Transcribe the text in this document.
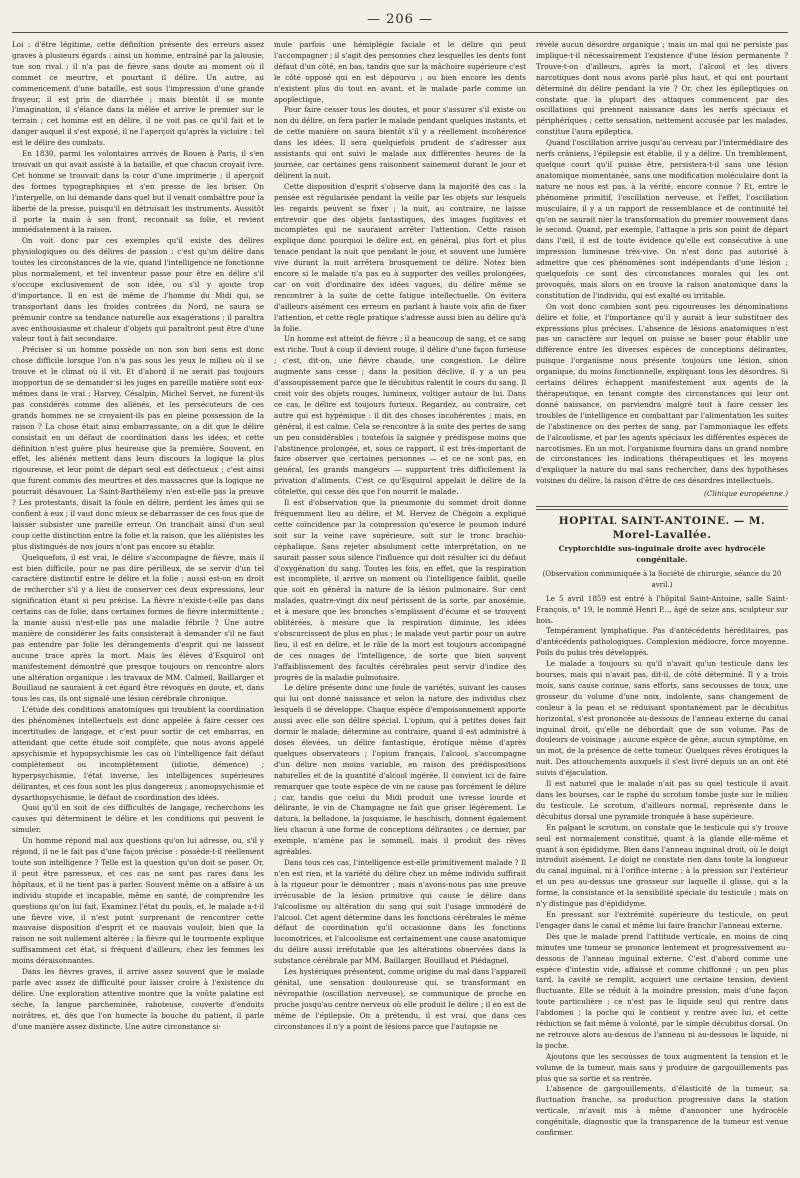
— 206 —

Loi : d'être légitime, cette définition présente des erreurs assez graves à plusieurs égards : ainsi un homme, entraîné par la jalousie, tue son rival ; il n'a pas de fièvre sans doute au moment où il commet ce meurtre, et pourtant il délire. Un autre, au commencement d'une bataille, est sous l'impression d'une grande frayeur, il est pris de diarrhée ; mais bientôt il se monte l'imagination, il s'élance dans la mêlée et arrive le premier sur le terrain ; cet homme est en délire, il ne voit pas ce qu'il fait et le danger auquel il s'est exposé, il ne l'aperçoit qu'après la victoire : tel est le délire des combats.

En 1830, parmi les volontaires arrivés de Rouen à Paris, il s'en trouvait un qui avait assisté à la bataille, et que chacun croyait ivre. Cet homme se trouvait dans la cour d'une imprimerie ; il aperçoit des formes typographiques et s'en presse de les briser. On l'interpelle, on lui demande dans quel but il venait combattre pour la liberté de la presse, puisqu'il en détruisait les instruments. Aussitôt il porte la main à son front, reconnait sa folie, et revient immédiatement à la raison.

On voit donc par ces exemples qu'il existe des délires physiologiques ou des délires de passion ; c'est qu'un délire dans toutes les circonstances de la vie, quand l'intelligence ne fonctionne plus normalement, et tel inventeur passe pour être en délire s'il s'occupe exclusivement de son idée, ou s'il y ajoute trop d'importance. Il en est de même de l'homme du Midi qui, se transportant dans les froides contrées du Nord, ne saura se prémunir contre sa tendance naturelle aux exagérations ; il paraîtra avec enthousiasme et chaleur d'objets qui paraîtront peut être d'une valeur tout à fait secondaire.

Préciser si un homme possède on non son bon sens est donc chose difficile lorsque l'on n'a pas sous les yeux le milieu où il se trouve et le climat où il vit. Et d'abord il ne serait pas toujours inopportun de se demander si les juges en pareille matière sont eux-mêmes dans le vrai ; Harvey, Césalpin, Michel Servet, ne furent-ils pas considérés comme des aliénés, et les persécuteurs de ces grands hommes ne se croyaient-ils pas en pleine possession de la raison ? La chose était ainsi embarrassante, on a dit que le délire consistait en un défaut de coordination dans les idées, et cette définition n'est guère plus heureuse que la première. Souvent, en effet, les aliénés mettent dans leurs discours la logique la plus rigoureuse, et leur point de départ seul est défectueux ; c'est ainsi que furent commis des meurtres et des massacres que la logique ne pourrait désavouer. La Saint-Barthélemy n'en est-elle pas la preuve ? Les protestants, disait la foule en délire, perdent les âmes qui se confient à eux ; il vaut donc mieux se débarrasser de ces fous que de laisser subsister une pareille erreur. On tranchait ainsi d'un seul coup cette distinction entre la folie et la raison, que les aliénistes les plus distingués de nos jours n'ont pas encore su établir.

Quelquefois, il est vrai, le délire s'accompagne de fièvre, mais il est bien difficile, pour ne pas dire périlleux, de se servir d'un tel caractère distinctif entre le délire et la folie ; aussi est-on en droit de rechercher s'il y a lieu de conserver ces deux expressions, leur signification étant si peu précise. La fièvre n'existe-t-elle pas dans certains cas de folie, dans certaines formes de fièvre intermittente ; la manie aussi n'est-elle pas une maladie fébrile ? Une autre manière de considérer les faits consisterait à demander s'il ne faut pas entendre par folie les dérangements d'esprit qui ne laissent aucune trace après la mort. Mais les élèves d'Esquirol ont manifestement démontré que presque toujours on rencontre alors une altération organique : les travaux de MM. Calmeil, Baillarger et Bouillaud ne sauraient à cet égard être révoqués en doute, et, dans tous les cas, ils ont signalé une lésion cérébrale chronique.

L'étude des conditions anatomiques qui troublent la coordination des phénomènes intellectuels est donc appelée à faire cesser ces incertitudes de langage, et c'est pour sortir de cet embarras, en attendant que cette étude soit complète, que nous avons appelé apsychismie et hypopsychismie les cas où l'intelligence fait défaut complètement ou incomplètement (idiotie, démence) ; hyperpsychismie, l'état inverse, les intelligences supérieures délirantes, et ces fous sont les plus dangereux ; anomopsychismie et dysarthopsychismie, le défaut de coordination des idées.

Quoi qu'il en soit de ces difficultés de langage, recherchons les causes qui déterminent le délire et les conditions qui peuvent le simuler.

Un homme répond mal aux questions qu'on lui adresse, ou, s'il y répond, il ne le fait pas d'une façon précise : possède-t-il réellement toute son intelligence ? Telle est la question qu'on doit se poser. Or, il peut être paresseux, et ces cas ne sont pas rares dans les hôpitaux, et il ne tient pas à parler. Souvent même on a affaire à un individu stupide et incapable, même en santé, de comprendre les questions qu'on lui fait. Examinez l'état du pouls, et, le malade a-t-il une fièvre vive, il n'est point surprenant de rencontrer cette mauvaise disposition d'esprit et ce mauvais vouloir, bien que la raison ne soit nullement altérée ; la fièvre qui le tourmente explique suffisamment cet état, si fréquent d'ailleurs, chez les femmes les moins déraisonnantes.

Dans les fièvres graves, il arrive assez souvent que le malade parle avec assez de difficulté pour laisser croire à l'existence du délire. Une exploration attentive montre que la voûte palatine est sèche, la langue parcheminée, raboteuse, couverte d'enduits noirâtres, et, dès que l'on humecte la bouche du patient, il parle d'une manière assez distincte. Une autre circonstance si-

mule parfois une hémiplégie faciale et le délire qui peut l'accompagner ; il s'agit des personnes chez lesquelles les dents font défaut d'un côté, en bas, tandis que sur la mâchoire supérieure c'est le côté opposé qui en est dépourvu ; ou bien encore les dents n'existent plus du tout en avant, et le malade parle comme un apoplectique.

Pour faire cesser tous les doutes, et pour s'assurer s'il existe ou non du délire, on fera parler le malade pendant quelques instants, et de cette manière on saura bientôt s'il y a réellement incohérence dans les idées. Il sera quelquefois prudent de s'adresser aux assistants qui ont suivi le malade aux différentes heures de la journée, car certaines gens raisonnent sainement durant le jour et délirent la nuit.

Cette disposition d'esprit s'observe dans la majorité des cas : la pensée est régularisée pendant la veille par les objets sur lesquels les regards peuvent se fixer ; la nuit, au contraire, ne laisse entrevoir que des objets fantastiques, des images fugitives et incomplètes qui ne sauraient arrêter l'attention. Cette raison explique donc pourquoi le délire est, en général, plus fort et plus tenace pendant la nuit que pendant le jour, et souvent une lumière vive durant la nuit arrêtera brusquement ce délire. Notez bien encore si le malade n'a pas eu à supporter des veilles prolongées, car on voit d'ordinaire des idées vagues, du délire même se rencontrer à la suite de cette fatigue intellectuelle. On évitera d'ailleurs aisément ces erreurs en parlant à haute voix afin de fixer l'attention, et cette règle pratique s'adresse aussi bien au délire qu'à la folie.

Un homme est atteint de fièvre ; il a beaucoup de sang, et ce sang est riche. Tout à coup il devient rouge, il délire d'une façon furieuse ; c'est, dit-on, une fièvre chaude, une congestion. Le délire augmente sans cesse ; dans la position déclive, il y a un peu d'assoupissement parce que le décubitus ralentit le cours du sang. Il croit voir des objets rouges, lumineux, voltiger autour de lui. Dans ce cas, le délire est toujours furieux. Regardez, au contraire, cet autre qui est hypémique : il dit des choses incohérentes ; mais, en général, il est calme. Cela se rencontre à la suite des pertes de sang un peu considérables ; toutefois la saignée y prédispose moins que l'abstinence prolongée, et, sous ce rapport, il est très-important de faire observer que certaines personnes — et ce ne sont pas, en général, les grands mangeurs — supportent très difficilement la privation d'aliments. C'est ce qu'Esquirol appelait le délire de la côtelette, qui cesse dès que l'on nourrit le malade.

Il est d'observation que la pneumonie du sommet droit donne fréquemment lieu au délire, et M. Hervez de Chégoin a expliqué cette coïncidence par la compression qu'exerce le poumon induré soit sur la veine cave supérieure, soit sur le tronc brachio-céphalique. Sans rejeter absolument cette interprétation, on ne saurait passer sous silence l'influence qui doit résulter ici du défaut d'oxygénation du sang. Toutes les fois, en effet, que la respiration est incomplète, il arrive un moment où l'intelligence faiblit, quelle que soit en général la nature de la lésion pulmonaire. Sur cent malades, quatre-vingt dix neuf périssent de la sorte, par anoxémie, et à mesure que les bronches s'emplissent d'écume et se trouvent oblitérées, à mesure que la respiration diminue, les idées s'obscurcissent de plus en plus ; le malade veut partir pour un autre lieu, il est en délire, et le râle de la mort est toujours accompagné de ces nuages de l'intelligence, de sorte que bien souvent l'affaiblissement des facultés cérébrales peut servir d'indice des progrès de la maladie pulmonaire.

Le délire présente donc une foule de variétés, suivant les causes qui lui ont donné naissance et selon la nature des individus chez lesquels il se développe. Chaque espèce d'empoisonnement apporte aussi avec elle son délire spécial. L'opium, qui à petites doses fait dormir le malade, détermine au contraire, quand il est administré à doses élevées, un délire fantastique, érotique même d'après quelques observateurs ; l'opium français, l'alcool, s'accompagne d'un délire non moins variable, en raison des prédispositions naturelles et de la quantité d'alcool ingérée. Il convient ici de faire remarquer que toute espèce de vin ne cause pas forcément le délire ; car, tandis que celui du Midi produit une ivresse lourde et délirante, le vin de Champagne ne fait que griser légèrement. Le datura, la belladone, la jusquiame, le haschisch, donnent également lieu chacun à une forme de conceptions délirantes ; ce dernier, par exemple, n'amène pas le sommeil, mais il produit des rêves agréables.

Dans tous ces cas, l'intelligence est-elle primitivement malade ? Il n'en est rien, et la variété du délire chez un même individu suffirait à la rigueur pour le démontrer ; mais n'avons-nous pas une preuve irrécusable de la lésion primitive qui cause le délire dans l'alcoolisme ou altération du sang qui suit l'usage immodéré de l'alcool. Cet agent détermine dans les fonctions cérébrales le même défaut de coordination qu'il occasionne dans les fonctions locomotrices, et l'alcoolisme est certainement une cause anatomique du délire aussi irréfutable que les altérations observées dans la substance cérébrale par MM. Baillarger, Bouillaud et Piédagnel.

Les hystériques présentent, comme origine du mal dans l'appareil génital, une sensation douloureuse qui, se transformant en névropathie (oscillation nerveuse), se communique de proche en proche jusqu'au centre nerveux où elle produit le délire ; il en est de même de l'épilepsie. On a prétendu, il est vrai, que dans ces circonstances il n'y a point de lésions parce que l'autopsie ne

révèle aucun désordre organique ; mais un mal qui ne persiste pas implique-t-il nécessairement l'existence d'une lésion permanente ? Trouve-t-on d'ailleurs, après la mort, l'alcool et les divers narcotiques dont nous avons parlé plus haut, et qui ont pourtant déterminé du délire pendant la vie ? Or, chez les épileptiques on constate que la plupart des attaques commencent par des oscillations qui prennent naissance dans les nerfs spéciaux et périphériques ; cette sensation, nettement accusée par les malades, constitue l'aura epileptica.

Quand l'oscillation arrive jusqu'au cerveau par l'intermédiaire des nerfs crâniens, l'épilepsie est établie, il y a délire. Un tremblement, quelque court qu'il puisse être, persistera-t-il sans une lésion anatomique momentanée, sans une modification moléculaire dont la nature ne nous est pas, à la vérité, encore connue ? Et, entre le phénomène primitif, l'oscillation nerveuse, et l'effet, l'oscillation musculaire, il y a un rapport de ressemblance et de continuité tel qu'on ne saurait nier la transformation du premier mouvement dans le second. Quand, par exemple, l'attaque a pris son point de départ dans l'œil, il est de toute évidence qu'elle est consécutive à une impression lumineuse très-vive. On n'est donc pas autorisé à admettre que ces phénomènes sont indépendants d'une lésion ; quelquefois ce sont des circonstances morales qui les ont provoqués, mais alors on en trouve la raison anatomique dans la constitution de l'individu, qui est exalté ou irritable.

On voit donc combien sont peu rigoureuses les dénominations délire et folie, et l'importance qu'il y aurait à leur substituer des expressions plus précises. L'absence de lésions anatomiques n'est pas un caractère sur lequel on puisse se baser pour établir une différence entre les diverses espèces de conceptions délirantes, puisque l'organisme nous présente toujours une lésion, sinon organique, du moins fonctionnelle, expliquant tous les désordres. Si certains délires échappent manifestement aux agents de la thérapeutique, en tenant compte des circonstances qui leur ont donné naissance, on parviendra malgré tout à faire cesser les troubles de l'intelligence en combattant par l'alimentation les suites de l'abstinence ou des pertes de sang, par l'ammoniaque les effets de l'alcoolisme, et par les agents spéciaux les différentes espèces de narcotismes. En un mot, l'organisme fournira dans un grand nombre de circonstances les indications thérapeutiques et les moyens d'expliquer la nature du mal sans rechercher, dans des hypothèses voisines du délire, la raison d'être de ces désordres intellectuels.

(Clinique européenne.)
HOPITAL SAINT-ANTOINE. — M. Morel-Lavallée.
Cryptorchidie sus-inguinale droite avec hydrocèle congénitale.
(Observation communiquée à la Société de chirurgie, séance du 20 avril.)

Le 5 avril 1859 est entré à l'hôpital Saint-Antoine, salle Saint-François, n° 19, le nommé Henri P..., âgé de seize ans, sculpteur sur bois.

Tempérament lymphatique. Pas d'antécédents héréditaires, pas d'antécédents pathologiques. Complexion médiocre, force moyenne. Poils du pubis très développés.

Le malade a toujours su qu'il n'avait qu'un testicule dans les bourses, mais qui n'avait pas, dit-il, de côté déterminé. Il y a trois mois, sans cause connue, sans efforts, sans secousses de toux, une grosseur du volume d'une noix, indolente, sans changement de couleur à la peau et se réduisant spontanément par le décubitus horizontal, s'est prononcée au-dessous de l'anneau externe du canal inguinal droit, qu'elle ne débordait que de son volume. Pas de douleurs de voisinage ; aucune espèce de gêne, aucun symptôme, en un mot, de la présence de cette tumeur. Quelques rêves érotiques la nuit. Des attouchements auxquels il s'est livré depuis un an ont été suivis d'éjaculation.

Il est naturel que le malade n'ait pas su quel testicule il avait dans les bourses, car le raphé du scrotum tombe juste sur le milieu du testicule. Le scrotum, d'ailleurs normal, représente dans le décubitus dorsal une pyramide tronquée à base supérieure.

En palpant le scrotum, on constate que le testicule qui s'y trouve seul est normalement constitué, quant à la glande elle-même et quant à son épididyme. Bien dans l'anneau inguinal droit, où le doigt introduit aisément. Le doigt ne constate rien dans toute la longueur du canal inguinal, ni à l'orifice interne ; à la pression sur l'extérieur et un peu au-dessus une grosseur sur laquelle il glisse, qui a la forme, la consistance et la sensibilité spéciale du testicule ; mais on n'y distingue pas d'épididyme.

En pressant sur l'extrémité supérieure du testicule, on peut l'engager dans le canal et même lui faire franchir l'anneau externe.

Dès que le malade prend l'attitude verticale, en moins de cinq minutes une tumeur se prononce lentement et progressivement au-dessous de l'anneau inguinal externe. C'est d'abord comme une espèce d'intestin vide, affaissé et comme chiffonné ; un peu plus tard, la cavité se remplit, acquiert une certaine tension, devient fluctuante. Elle se réduit à la moindre pression, mais d'une façon toute particulière : ce n'est pas le liquide seul qui rentre dans l'abdomen ; la poche qui le contient y rentre avec lui, et cette réduction se fait même à volonté, par le simple décubitus dorsal. On ne retrouve alors au-dessus de l'anneau ni au-dessous le liquide, ni la poche.

Ajoutons que les secousses de toux augmentent la tension et le volume de la tumeur, mais sans y produire de gargouillements pas plus que sa sortie et sa rentrée.

L'absence de gargouillements, d'élasticité de la tumeur, sa fluctuation franche, sa production progressive dans la station verticale, m'avait mis à même d'annoncer une hydrocèle congénitale, diagnostic que la transparence de la tumeur est venue confirmer.
